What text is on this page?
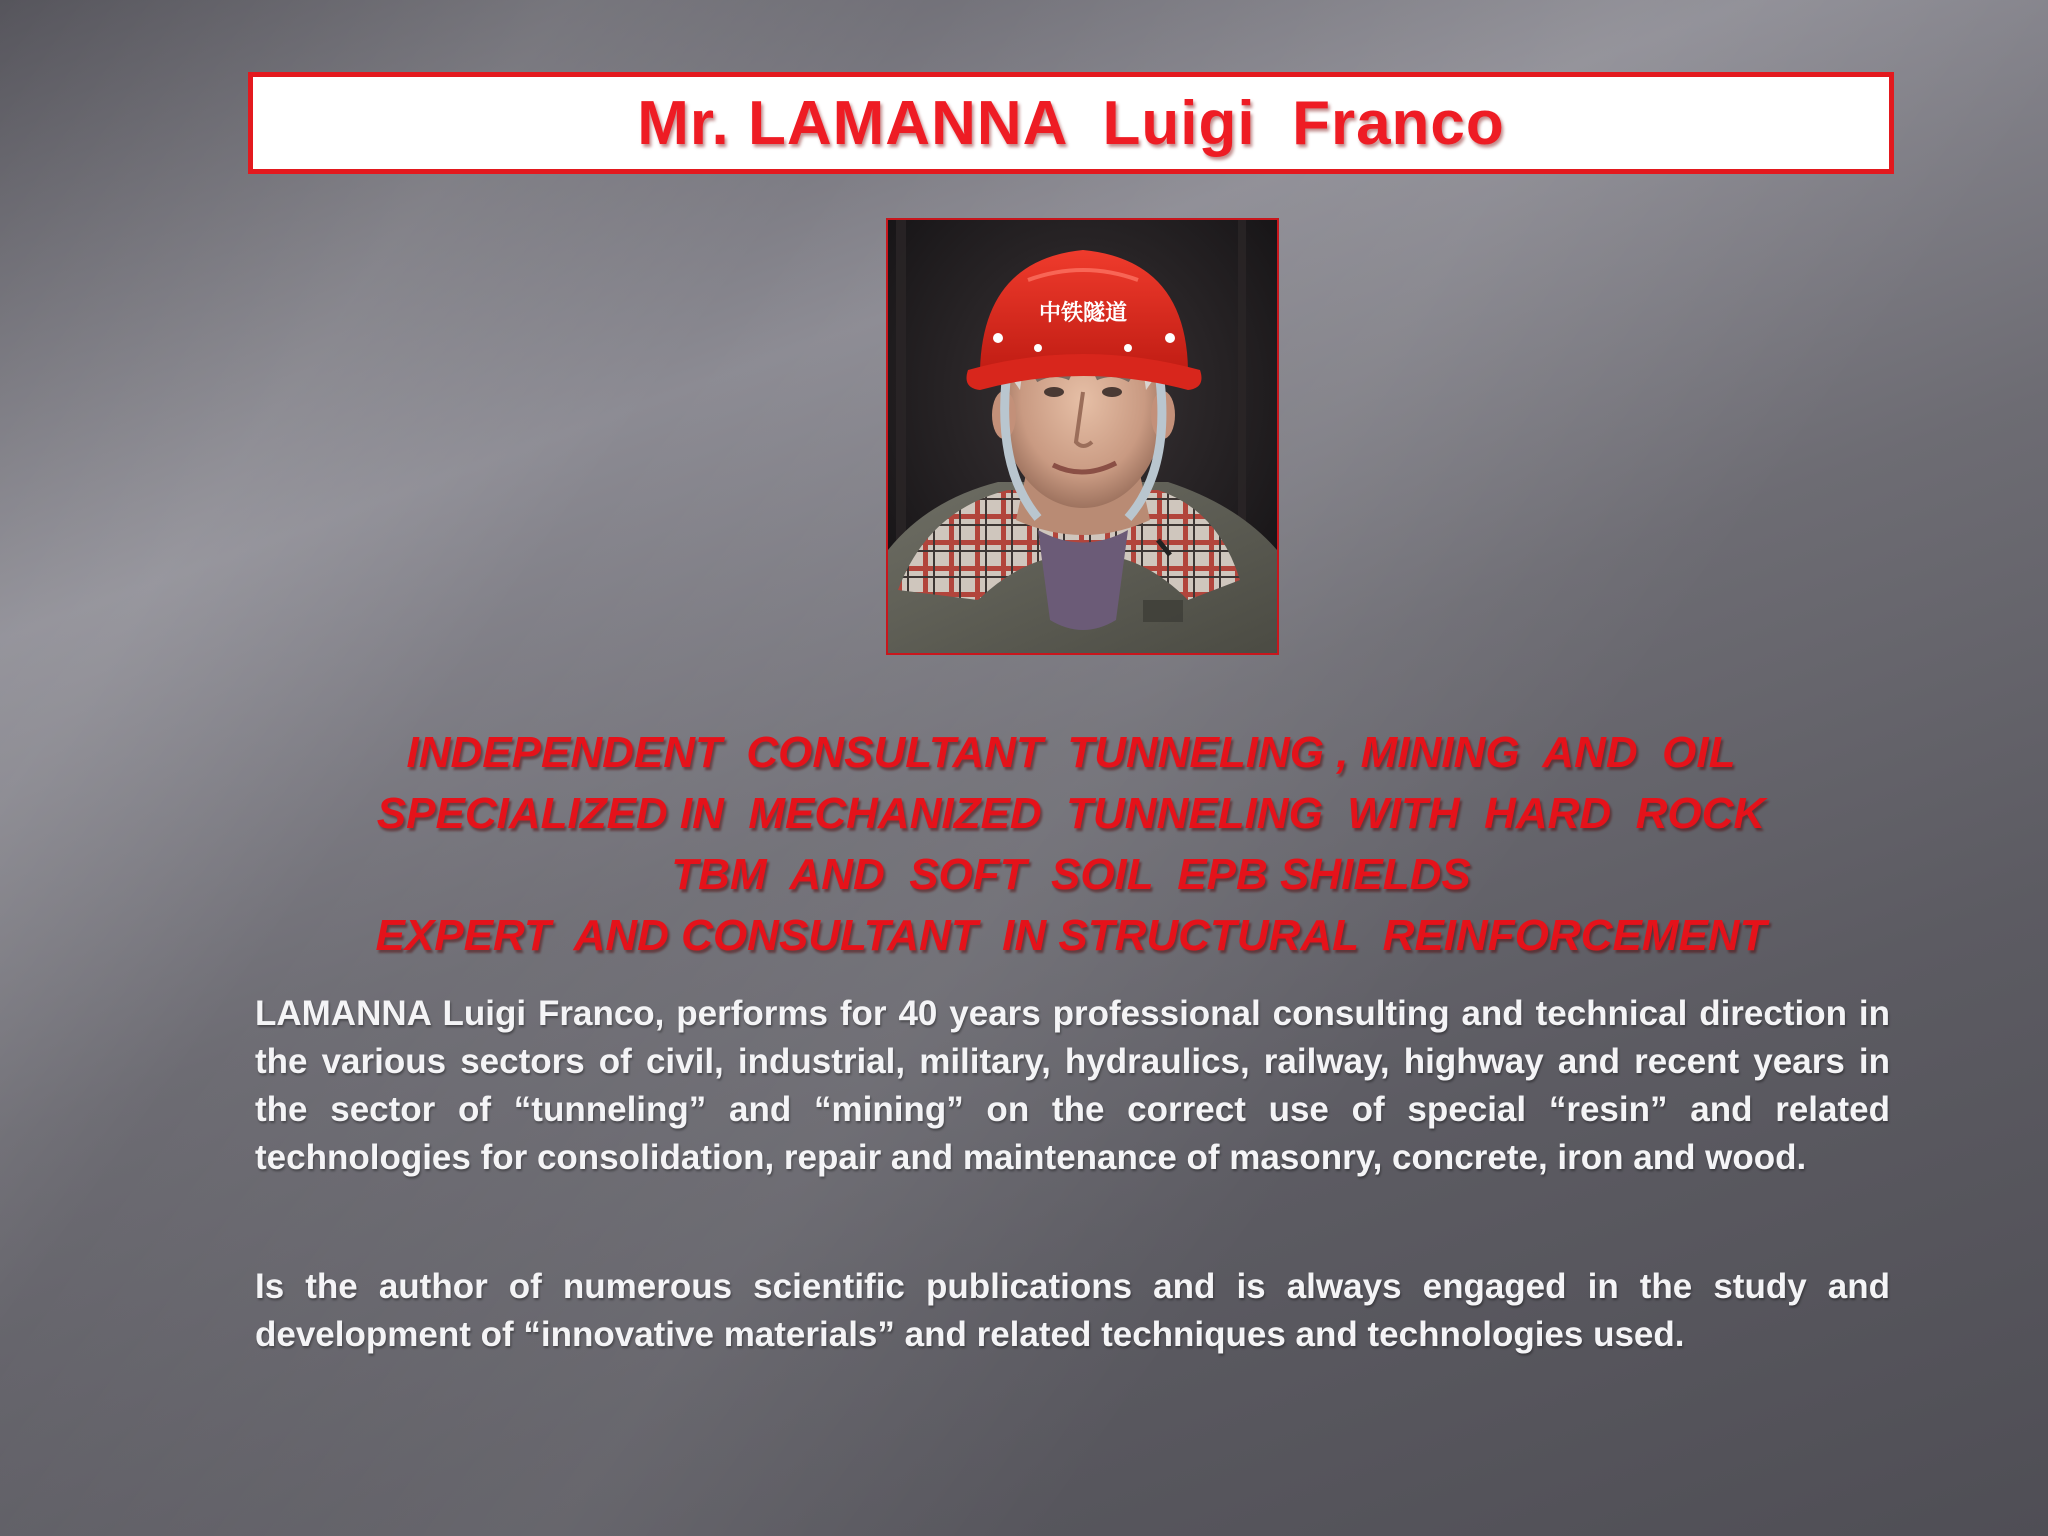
Mr. LAMANNA  Luigi  Franco
中铁隧道
INDEPENDENT  CONSULTANT  TUNNELING , MINING  AND  OIL
SPECIALIZED IN  MECHANIZED  TUNNELING  WITH  HARD  ROCK
TBM  AND  SOFT  SOIL  EPB SHIELDS
EXPERT  AND CONSULTANT  IN STRUCTURAL  REINFORCEMENT
LAMANNA Luigi Franco, performs for 40 years professional consulting and technical direction in the various sectors of civil, industrial, military, hydraulics, railway, highway and recent years in the sector of “tunneling” and “mining” on the correct use of special “resin” and related technologies for consolidation, repair and maintenance of masonry, concrete, iron and wood.
Is the author of numerous scientific publications and is always engaged in the study and development of “innovative materials” and related techniques and technologies used.
